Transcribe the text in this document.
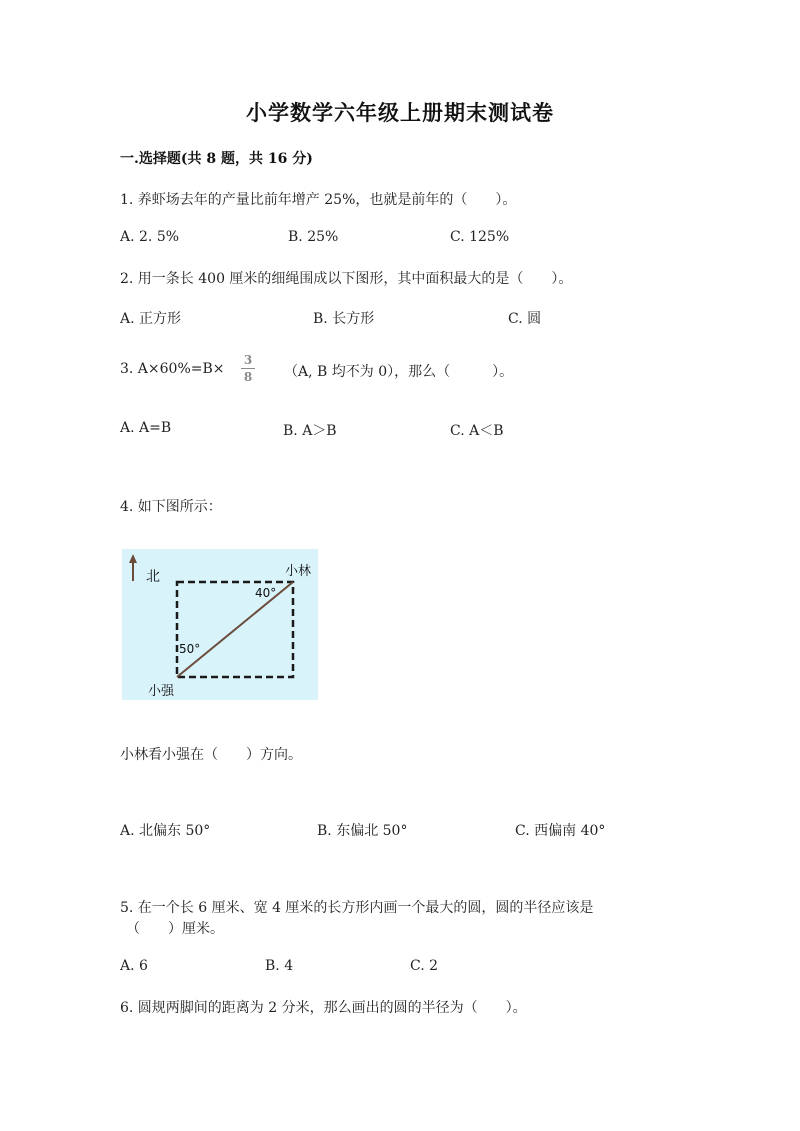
小学数学六年级上册期末测试卷
一.选择题(共 8 题，共 16 分)
1. 养虾场去年的产量比前年增产 25%，也就是前年的（　　）。
A. 2. 5%	B. 25%	C. 125%
2. 用一条长 400 厘米的细绳围成以下图形，其中面积最大的是（　　）。
A. 正方形	B. 长方形	C. 圆
3. A×60%=B×
3
8 （A, B 均不为 0），那么（　　　）。
A. A=B	B. A＞B	C. A＜B
4. 如下图所示：
北	小林
小强
40°
50°
小林看小强在（　　）方向。
A. 北偏东 50°	B. 东偏北 50°	C. 西偏南 40°
5. 在一个长 6 厘米、宽 4 厘米的长方形内画一个最大的圆，圆的半径应该是
（　　）厘米。
A. 6	B. 4	C. 2
6. 圆规两脚间的距离为 2 分米，那么画出的圆的半径为（　　）。
